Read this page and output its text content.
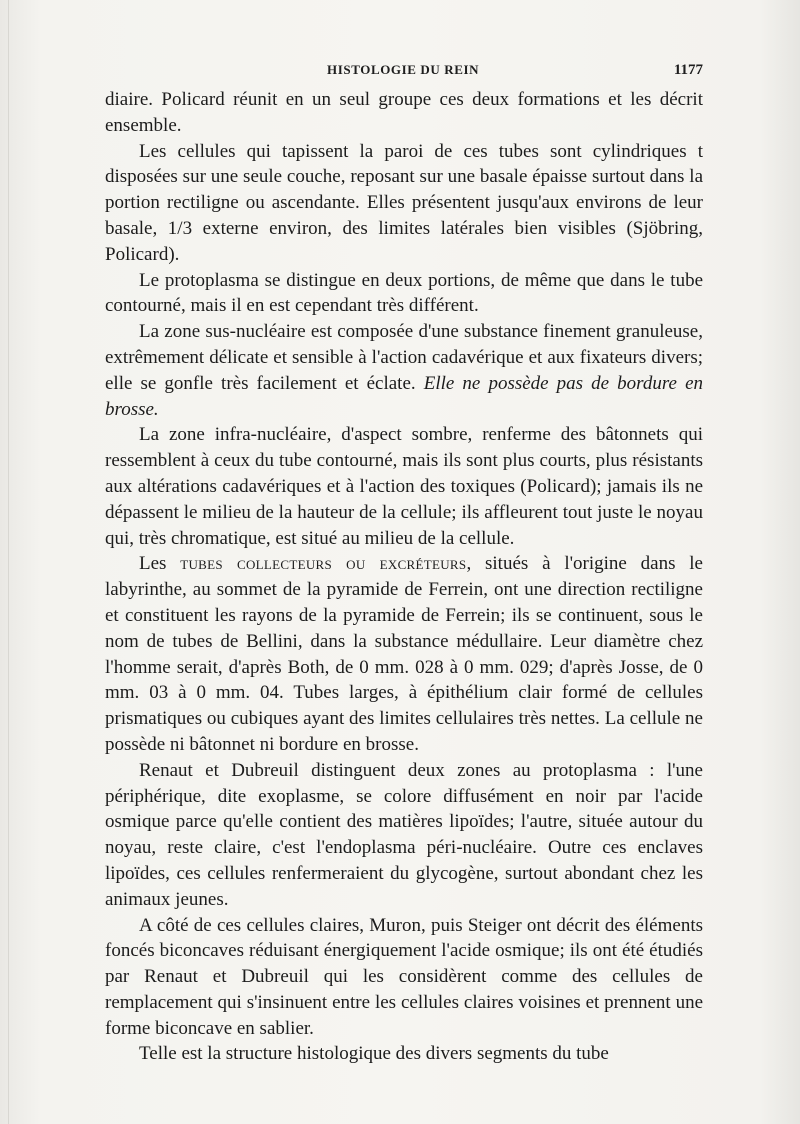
HISTOLOGIE DU REIN	1177

diaire. Policard réunit en un seul groupe ces deux formations et les décrit ensemble.

Les cellules qui tapissent la paroi de ces tubes sont cylindriques t disposées sur une seule couche, reposant sur une basale épaisse surtout dans la portion rectiligne ou ascendante. Elles présentent jusqu'aux environs de leur basale, 1/3 externe environ, des limites latérales bien visibles (Sjöbring, Policard).

Le protoplasma se distingue en deux portions, de même que dans le tube contourné, mais il en est cependant très différent.

La zone sus-nucléaire est composée d'une substance finement granuleuse, extrêmement délicate et sensible à l'action cadavérique et aux fixateurs divers; elle se gonfle très facilement et éclate. Elle ne possède pas de bordure en brosse.

La zone infra-nucléaire, d'aspect sombre, renferme des bâtonnets qui ressemblent à ceux du tube contourné, mais ils sont plus courts, plus résistants aux altérations cadavériques et à l'action des toxiques (Policard); jamais ils ne dépassent le milieu de la hauteur de la cellule; ils affleurent tout juste le noyau qui, très chromatique, est situé au milieu de la cellule.

Les tubes collecteurs ou excréteurs, situés à l'origine dans le labyrinthe, au sommet de la pyramide de Ferrein, ont une direction rectiligne et constituent les rayons de la pyramide de Ferrein; ils se continuent, sous le nom de tubes de Bellini, dans la substance médullaire. Leur diamètre chez l'homme serait, d'après Both, de 0 mm. 028 à 0 mm. 029; d'après Josse, de 0 mm. 03 à 0 mm. 04. Tubes larges, à épithélium clair formé de cellules prismatiques ou cubiques ayant des limites cellulaires très nettes. La cellule ne possède ni bâtonnet ni bordure en brosse.

Renaut et Dubreuil distinguent deux zones au protoplasma : l'une périphérique, dite exoplasme, se colore diffusément en noir par l'acide osmique parce qu'elle contient des matières lipoïdes; l'autre, située autour du noyau, reste claire, c'est l'endoplasma péri-nucléaire. Outre ces enclaves lipoïdes, ces cellules renfermeraient du glycogène, surtout abondant chez les animaux jeunes.

A côté de ces cellules claires, Muron, puis Steiger ont décrit des éléments foncés biconcaves réduisant énergiquement l'acide osmique; ils ont été étudiés par Renaut et Dubreuil qui les considèrent comme des cellules de remplacement qui s'insinuent entre les cellules claires voisines et prennent une forme biconcave en sablier.

Telle est la structure histologique des divers segments du tube
